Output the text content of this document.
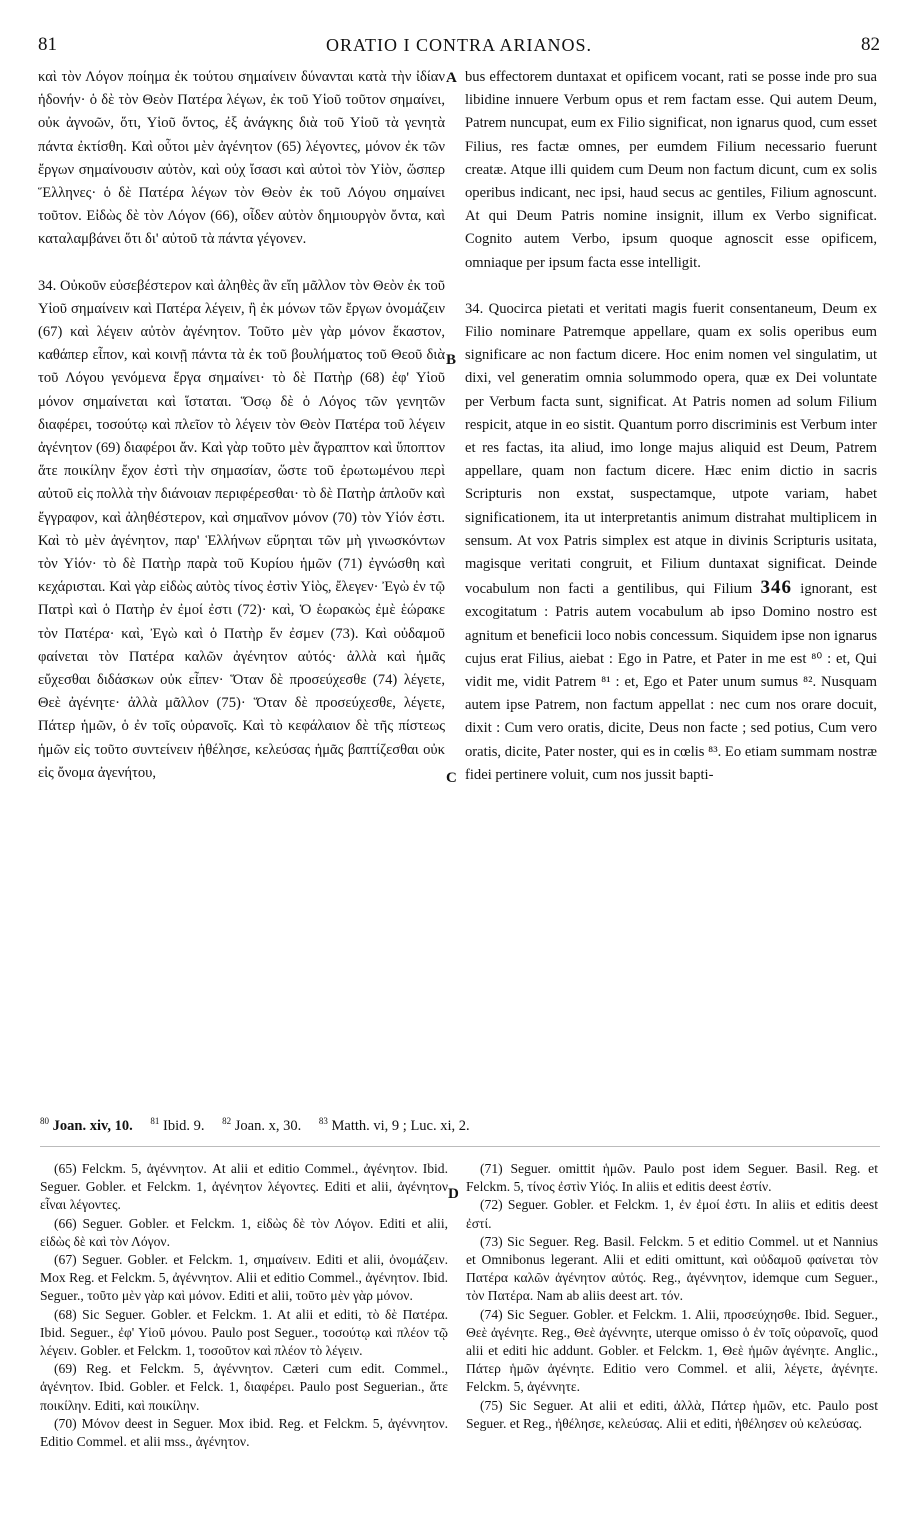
81	ORATIO I CONTRA ARIANOS.	82

καὶ τὸν Λόγον ποίημα ἐκ τούτου σημαίνειν δύνανται κατὰ τὴν ἰδίαν ἡδονήν· ὁ δὲ τὸν Θεὸν Πατέρα λέγων, ἐκ τοῦ Υἱοῦ τοῦτον σημαίνει, οὐκ ἀγνοῶν, ὅτι, Υἱοῦ ὄντος, ἐξ ἀνάγκης διὰ τοῦ Υἱοῦ τὰ γενητὰ πάντα ἐκτίσθη. Καὶ οὗτοι μὲν ἀγένητον (65) λέγοντες, μόνον ἐκ τῶν ἔργων σημαίνουσιν αὐτὸν, καὶ οὐχ ἴσασι καὶ αὐτοὶ τὸν Υἱὸν, ὥσπερ Ἕλληνες· ὁ δὲ Πατέρα λέγων τὸν Θεὸν ἐκ τοῦ Λόγου σημαίνει τοῦτον. Εἰδὼς δὲ τὸν Λόγον (66), οἶδεν αὐτὸν δημιουργὸν ὄντα, καὶ καταλαμβάνει ὅτι δι' αὐτοῦ τὰ πάντα γέγονεν.

34. Οὐκοῦν εὐσεβέστερον καὶ ἀληθὲς ἂν εἴη μᾶλλον τὸν Θεὸν ἐκ τοῦ Υἱοῦ σημαίνειν καὶ Πατέρα λέγειν, ἢ ἐκ μόνων τῶν ἔργων ὀνομάζειν (67) καὶ λέγειν αὐτὸν ἀγένητον. Τοῦτο μὲν γὰρ μόνον ἕκαστον, καθάπερ εἶπον, καὶ κοινῇ πάντα τὰ ἐκ τοῦ βουλήματος τοῦ Θεοῦ διὰ τοῦ Λόγου γενόμενα ἔργα σημαίνει· τὸ δὲ Πατὴρ (68) ἐφ' Υἱοῦ μόνον σημαίνεται καὶ ἵσταται. Ὅσῳ δὲ ὁ Λόγος τῶν γενητῶν διαφέρει, τοσούτῳ καὶ πλεῖον τὸ λέγειν τὸν Θεὸν Πατέρα τοῦ λέγειν ἀγένητον (69) διαφέροι ἄν. Καὶ γὰρ τοῦτο μὲν ἄγραπτον καὶ ὕποπτον ἅτε ποικίλην ἔχον ἐστὶ τὴν σημασίαν, ὥστε τοῦ ἐρωτωμένου περὶ αὐτοῦ εἰς πολλὰ τὴν διάνοιαν περιφέρεσθαι· τὸ δὲ Πατὴρ ἁπλοῦν καὶ ἔγγραφον, καὶ ἀληθέστερον, καὶ σημαῖνον μόνον (70) τὸν Υἱόν ἐστι. Καὶ τὸ μὲν ἀγένητον, παρ' Ἑλλήνων εὕρηται τῶν μὴ γινωσκόντων τὸν Υἱόν· τὸ δὲ Πατὴρ παρὰ τοῦ Κυρίου ἡμῶν (71) ἐγνώσθη καὶ κεχάρισται. Καὶ γὰρ εἰδὼς αὐτὸς τίνος ἐστὶν Υἱὸς, ἔλεγεν· Ἐγὼ ἐν τῷ Πατρὶ καὶ ὁ Πατὴρ ἐν ἐμοί ἐστι (72)· καὶ, Ὁ ἑωρακὼς ἐμὲ ἑώρακε τὸν Πατέρα· καὶ, Ἐγὼ καὶ ὁ Πατὴρ ἕν ἐσμεν (73). Καὶ οὐδαμοῦ φαίνεται τὸν Πατέρα καλῶν ἀγένητον αὐτός· ἀλλὰ καὶ ἡμᾶς εὔχεσθαι διδάσκων οὐκ εἶπεν· Ὅταν δὲ προσεύχεσθε (74) λέγετε, Θεὲ ἀγένητε· ἀλλὰ μᾶλλον (75)· Ὅταν δὲ προσεύχεσθε, λέγετε, Πάτερ ἡμῶν, ὁ ἐν τοῖς οὐρανοῖς. Καὶ τὸ κεφάλαιον δὲ τῆς πίστεως ἡμῶν εἰς τοῦτο συντείνειν ἠθέλησε, κελεύσας ἡμᾶς βαπτίζεσθαι οὐκ εἰς ὄνομα ἀγενήτου,

bus effectorem duntaxat et opificem vocant, rati se posse inde pro sua libidine innuere Verbum opus et rem factam esse. Qui autem Deum, Patrem nuncupat, eum ex Filio significat, non ignarus quod, cum esset Filius, res factæ omnes, per eumdem Filium necessario fuerunt creatæ. Atque illi quidem cum Deum non factum dicunt, cum ex solis operibus indicant, nec ipsi, haud secus ac gentiles, Filium agnoscunt. At qui Deum Patris nomine insignit, illum ex Verbo significat. Cognito autem Verbo, ipsum quoque agnoscit esse opificem, omniaque per ipsum facta esse intelligit.

34. Quocirca pietati et veritati magis fuerit consentaneum, Deum ex Filio nominare Patremque appellare, quam ex solis operibus eum significare ac non factum dicere. Hoc enim nomen vel singulatim, ut dixi, vel generatim omnia solummodo opera, quæ ex Dei voluntate per Verbum facta sunt, significat. At Patris nomen ad solum Filium respicit, atque in eo sistit. Quantum porro discriminis est Verbum inter et res factas, ita aliud, imo longe majus aliquid est Deum, Patrem appellare, quam non factum dicere. Hæc enim dictio in sacris Scripturis non exstat, suspectamque, utpote variam, habet significationem, ita ut interpretantis animum distrahat multiplicem in sensum. At vox Patris simplex est atque in divinis Scripturis usitata, magisque veritati congruit, et Filium duntaxat significat. Deinde vocabulum non facti a gentilibus, qui Filium 346 ignorant, est excogitatum : Patris autem vocabulum ab ipso Domino nostro est agnitum et beneficii loco nobis concessum. Siquidem ipse non ignarus cujus erat Filius, aiebat : Ego in Patre, et Pater in me est ⁸⁰ : et, Qui vidit me, vidit Patrem ⁸¹ : et, Ego et Pater unum sumus ⁸². Nusquam autem ipse Patrem, non factum appellat : nec cum nos orare docuit, dixit : Cum vero oratis, dicite, Deus non facte ; sed potius, Cum vero oratis, dicite, Pater noster, qui es in cœlis ⁸³. Eo etiam summam nostræ fidei pertinere voluit, cum nos jussit bapti-

A
B
C
D
$^{80}$ Joan. xiv, 10. $^{81}$ Ibid. 9. $^{82}$ Joan. x, 30. $^{83}$ Matth. vi, 9 ; Luc. xi, 2.

(65) Felckm. 5, ἀγέννητον. At alii et editio Commel., ἀγένητον. Ibid. Seguer. Gobler. et Felckm. 1, ἀγένητον λέγοντες. Editi et alii, ἀγένητον εἶναι λέγοντες.

(66) Seguer. Gobler. et Felckm. 1, εἰδὼς δὲ τὸν Λόγον. Editi et alii, εἰδὼς δὲ καὶ τὸν Λόγον.

(67) Seguer. Gobler. et Felckm. 1, σημαίνειν. Editi et alii, ὀνομάζειν. Mox Reg. et Felckm. 5, ἀγέννητον. Alii et editio Commel., ἀγένητον. Ibid. Seguer., τοῦτο μὲν γὰρ καὶ μόνον. Editi et alii, τοῦτο μὲν γὰρ μόνον.

(68) Sic Seguer. Gobler. et Felckm. 1. At alii et editi, τὸ δὲ Πατέρα. Ibid. Seguer., ἐφ' Υἱοῦ μόνου. Paulo post Seguer., τοσούτῳ καὶ πλέον τῷ λέγειν. Gobler. et Felckm. 1, τοσοῦτον καὶ πλέον τὸ λέγειν.

(69) Reg. et Felckm. 5, ἀγέννητον. Cæteri cum edit. Commel., ἀγένητον. Ibid. Gobler. et Felck. 1, διαφέρει. Paulo post Seguerian., ἅτε ποικίλην. Editi, καὶ ποικίλην.

(70) Μόνον deest in Seguer. Mox ibid. Reg. et Felckm. 5, ἀγέννητον. Editio Commel. et alii mss., ἀγένητον.

(71) Seguer. omittit ἡμῶν. Paulo post idem Seguer. Basil. Reg. et Felckm. 5, τίνος ἐστὶν Υἱός. In aliis et editis deest ἐστίν.

(72) Seguer. Gobler. et Felckm. 1, ἐν ἐμοί ἐστι. In aliis et editis deest ἐστί.

(73) Sic Seguer. Reg. Basil. Felckm. 5 et editio Commel. ut et Nannius et Omnibonus legerant. Alii et editi omittunt, καὶ οὐδαμοῦ φαίνεται τὸν Πατέρα καλῶν ἀγένητον αὐτός. Reg., ἀγέννητον, idemque cum Seguer., τὸν Πατέρα. Nam ab aliis deest art. τόν.

(74) Sic Seguer. Gobler. et Felckm. 1. Alii, προσεύχησθε. Ibid. Seguer., Θεὲ ἀγένητε. Reg., Θεὲ ἀγέννητε, uterque omisso ὁ ἐν τοῖς οὐρανοῖς, quod alii et editi hic addunt. Gobler. et Felckm. 1, Θεὲ ἡμῶν ἀγένητε. Anglic., Πάτερ ἡμῶν ἀγένητε. Editio vero Commel. et alii, λέγετε, ἀγένητε. Felckm. 5, ἀγέννητε.

(75) Sic Seguer. At alii et editi, ἀλλὰ, Πάτερ ἡμῶν, etc. Paulo post Seguer. et Reg., ἠθέλησε, κελεύσας. Alii et editi, ἠθέλησεν οὐ κελεύσας.
